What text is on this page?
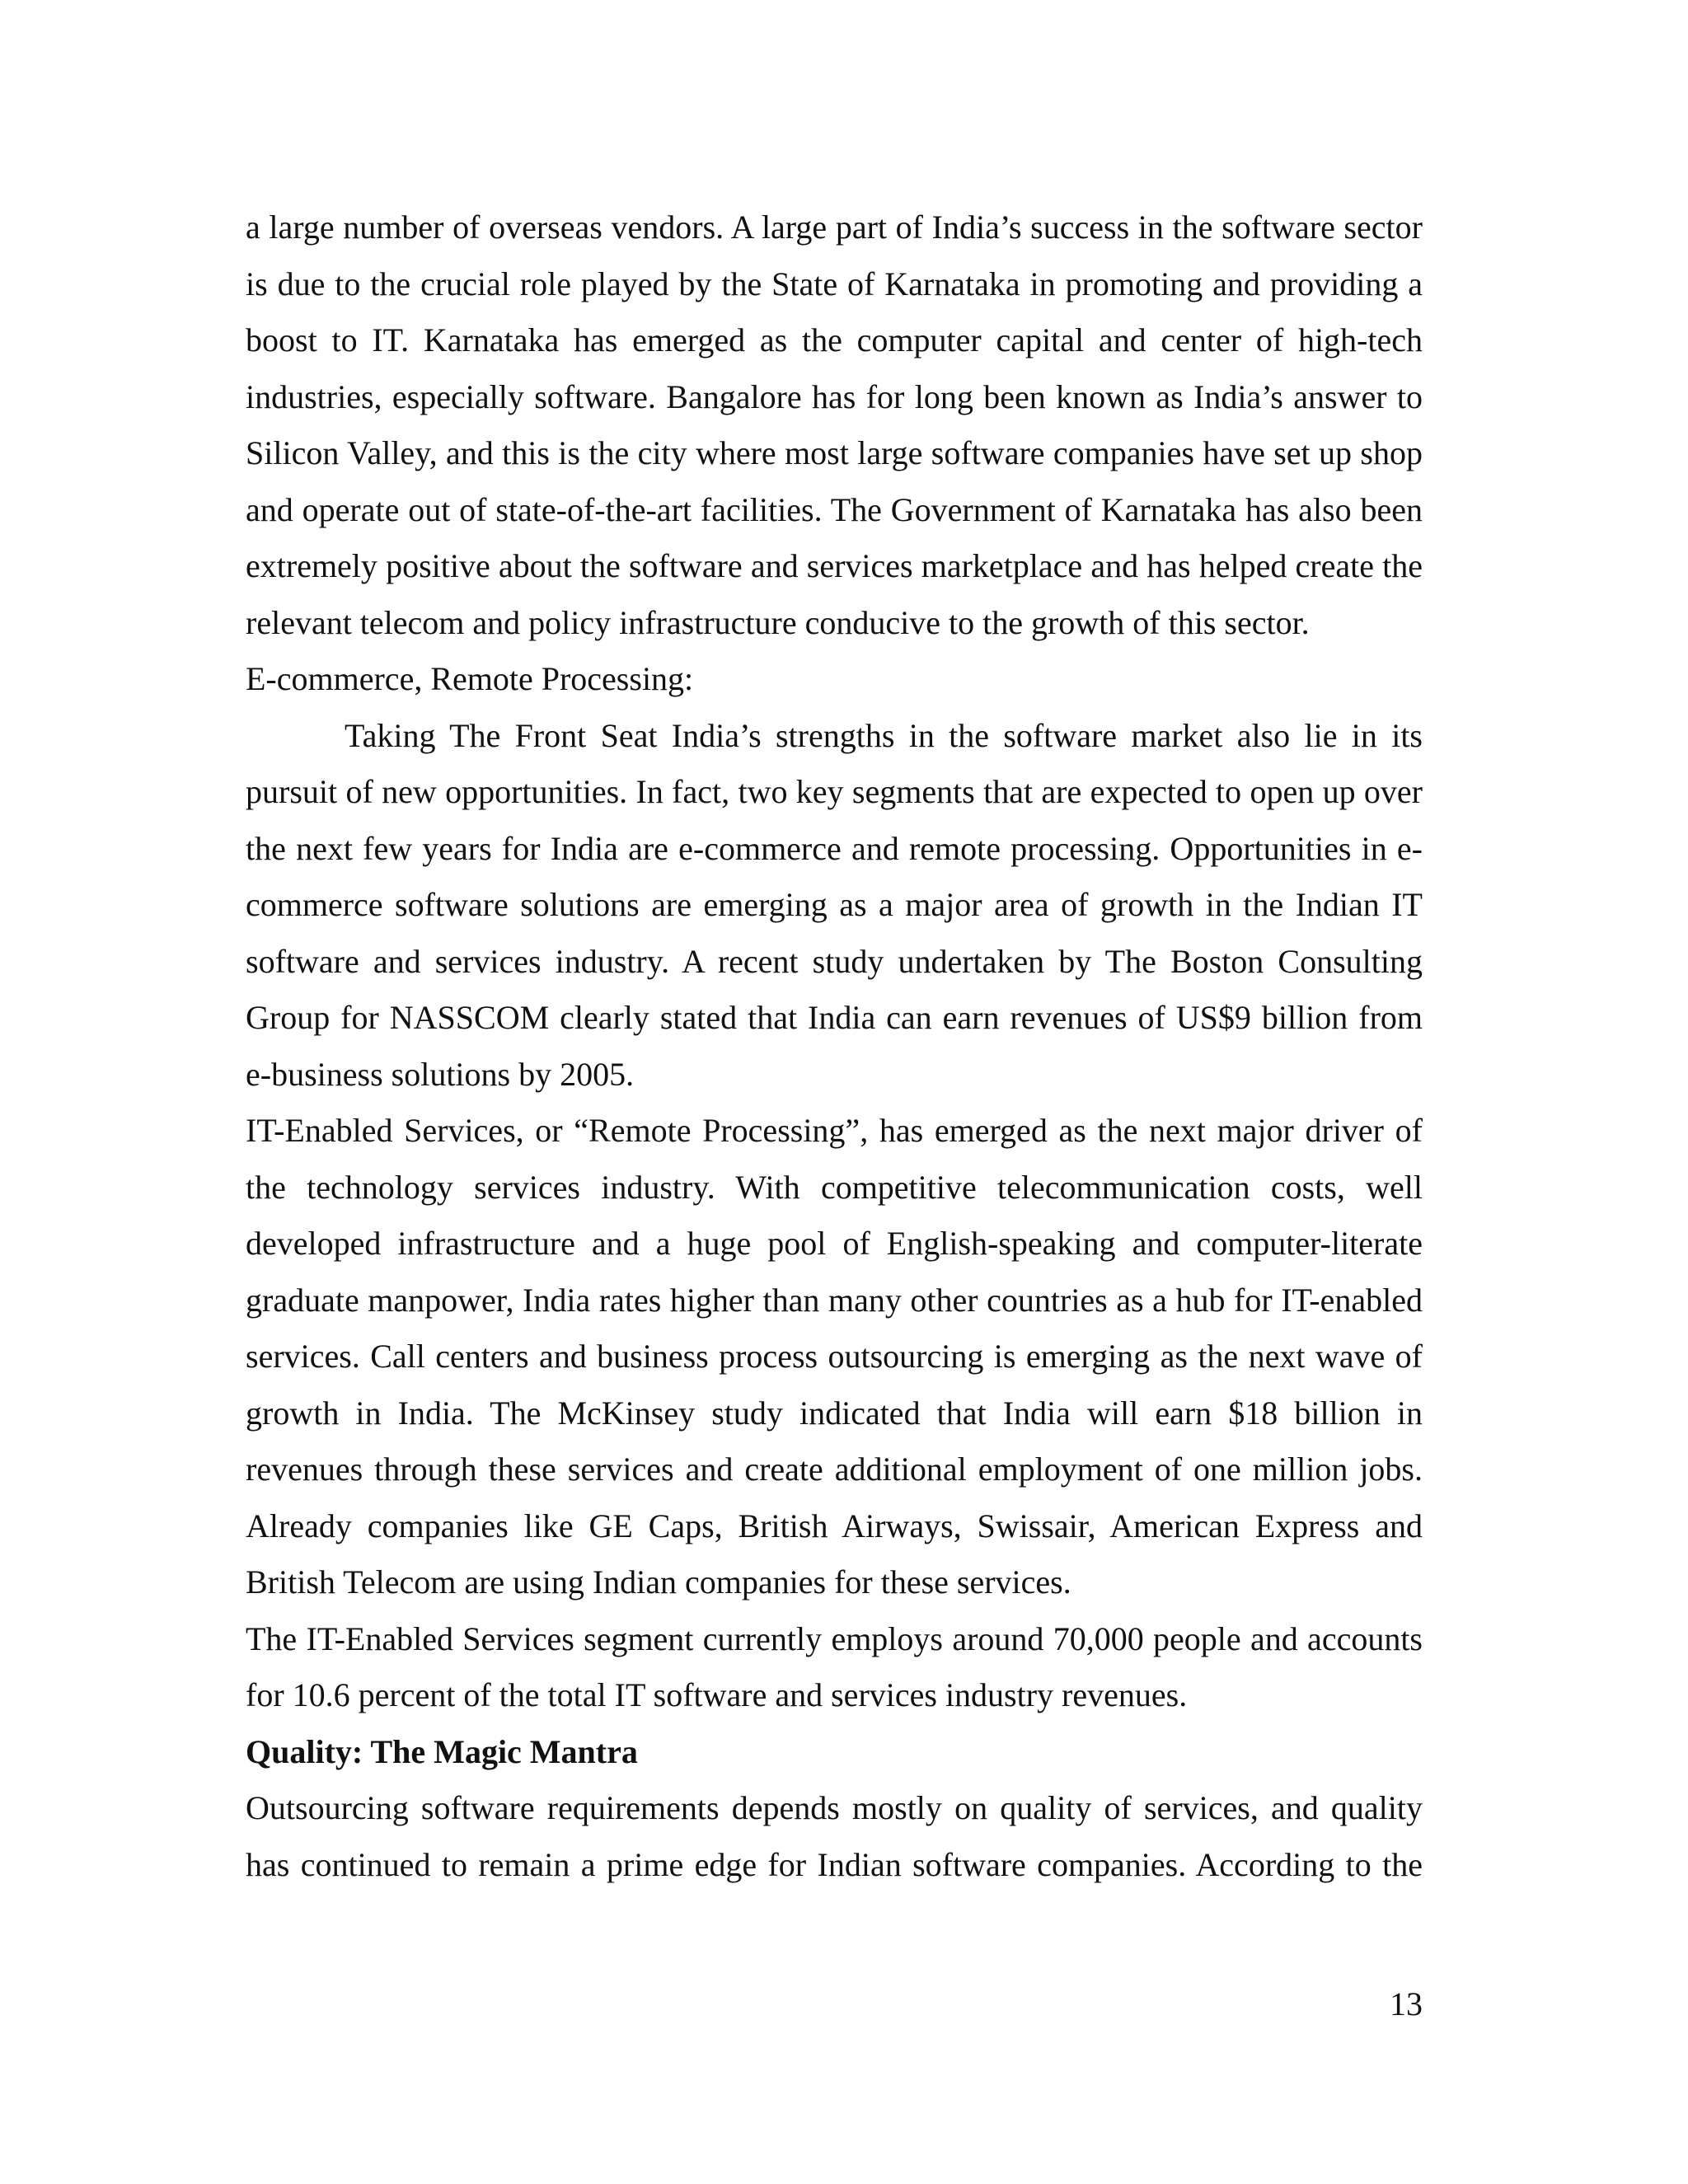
a large number of overseas vendors. A large part of India’s success in the software sector is due to the crucial role played by the State of Karnataka in promoting and providing a boost to IT. Karnataka has emerged as the computer capital and center of high-tech industries, especially software. Bangalore has for long been known as India’s answer to Silicon Valley, and this is the city where most large software companies have set up shop and operate out of state-of-the-art facilities. The Government of Karnataka has also been extremely positive about the software and services marketplace and has helped create the relevant telecom and policy infrastructure conducive to the growth of this sector.

E-commerce, Remote Processing:

Taking The Front Seat India’s strengths in the software market also lie in its pursuit of new opportunities. In fact, two key segments that are expected to open up over the next few years for India are e-commerce and remote processing. Opportunities in e-commerce software solutions are emerging as a major area of growth in the Indian IT software and services industry. A recent study undertaken by The Boston Consulting Group for NASSCOM clearly stated that India can earn revenues of US$9 billion from e-business solutions by 2005.

IT-Enabled Services, or “Remote Processing”, has emerged as the next major driver of the technology services industry. With competitive telecommunication costs, well developed infrastructure and a huge pool of English-speaking and computer-literate graduate manpower, India rates higher than many other countries as a hub for IT-enabled services. Call centers and business process outsourcing is emerging as the next wave of growth in India. The McKinsey study indicated that India will earn $18 billion in revenues through these services and create additional employment of one million jobs. Already companies like GE Caps, British Airways, Swissair, American Express and British Telecom are using Indian companies for these services.

The IT-Enabled Services segment currently employs around 70,000 people and accounts for 10.6 percent of the total IT software and services industry revenues.

Quality: The Magic Mantra

Outsourcing software requirements depends mostly on quality of services, and quality has continued to remain a prime edge for Indian software companies. According to the

13
